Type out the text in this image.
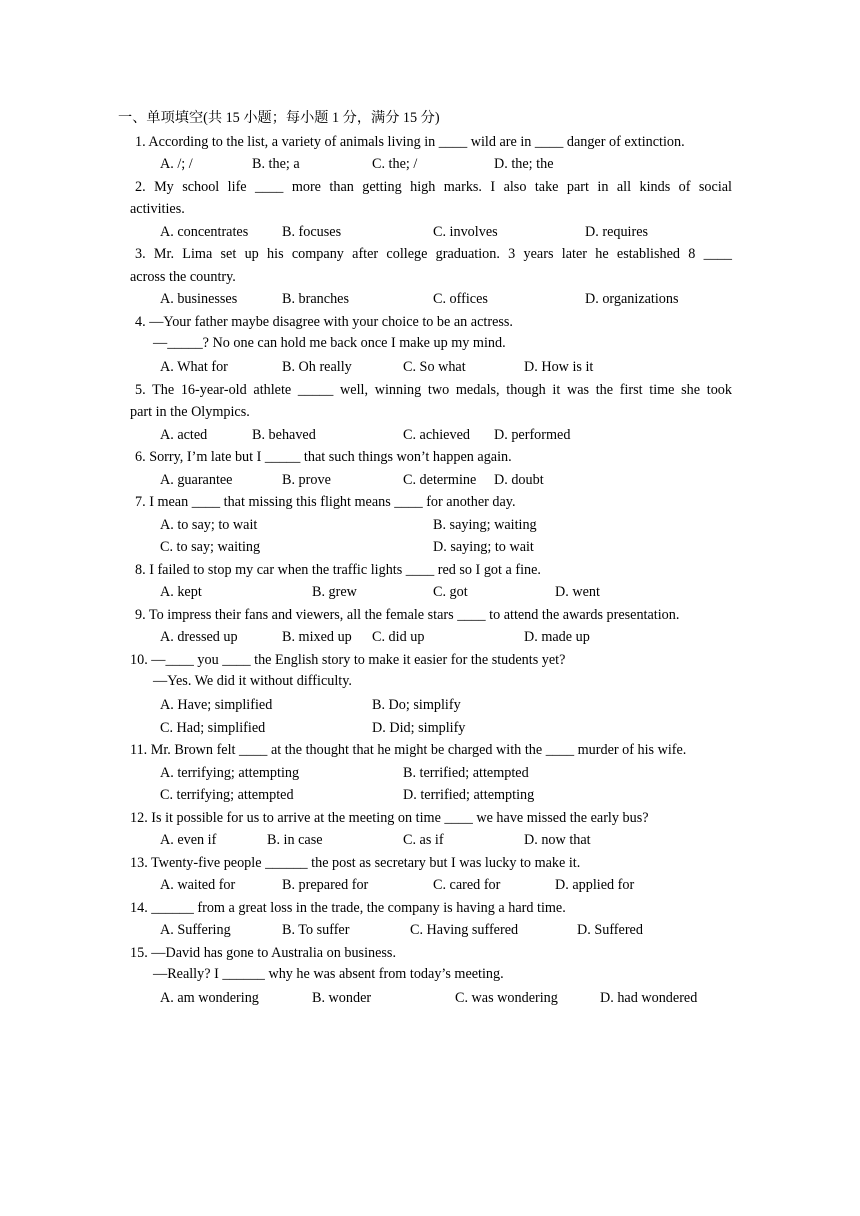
一、单项填空(共 15 小题；每小题 1 分，满分 15 分)
1. According to the list, a variety of animals living in ____ wild are in ____ danger of extinction.
A. /; /	B. the; a	C. the; /	D. the; the
2. My school life ____ more than getting high marks. I also take part in all kinds of social
activities.
A. concentrates B. focuses	C. involves	D. requires
3. Mr. Lima set up his company after college graduation. 3 years later he established 8 ____
across the country.
A. businesses	B. branches	C. offices	D. organizations
4. —Your father maybe disagree with your choice to be an actress.
—_____? No one can hold me back once I make up my mind.
A. What for	B. Oh really	C. So what	D. How is it
5. The 16-year-old athlete _____ well, winning two medals, though it was the first time she took
part in the Olympics.
A. acted	B. behaved	C. achieved D. performed
6. Sorry, I’m late but I _____ that such things won’t happen again.
A. guarantee	B. prove	C. determine D. doubt
7. I mean ____ that missing this flight means ____ for another day.
A. to say; to wait	B. saying; waiting
C. to say; waiting	D. saying; to wait
8. I failed to stop my car when the traffic lights ____ red so I got a fine.
A. kept	B. grew	C. got	D. went
9. To impress their fans and viewers, all the female stars ____ to attend the awards presentation.
A. dressed up	B. mixed up C. did up	D. made up
10. —____ you ____ the English story to make it easier for the students yet?
—Yes. We did it without difficulty.
A. Have; simplified	B. Do; simplify
C. Had; simplified	D. Did; simplify
11. Mr. Brown felt ____ at the thought that he might be charged with the ____ murder of his wife.
A. terrifying; attempting	B. terrified; attempted
C. terrifying; attempted	D. terrified; attempting
12. Is it possible for us to arrive at the meeting on time ____ we have missed the early bus?
A. even if	B. in case	C. as if	D. now that
13. Twenty-five people ______ the post as secretary but I was lucky to make it.
A. waited for	B. prepared for	C. cared for	D. applied for
14. ______ from a great loss in the trade, the company is having a hard time.
A. Suffering	B. To suffer	C. Having suffered	D. Suffered
15. —David has gone to Australia on business.
—Really? I ______ why he was absent from today’s meeting.
A. am wondering	B. wonder	C. was wondering	D. had wondered
